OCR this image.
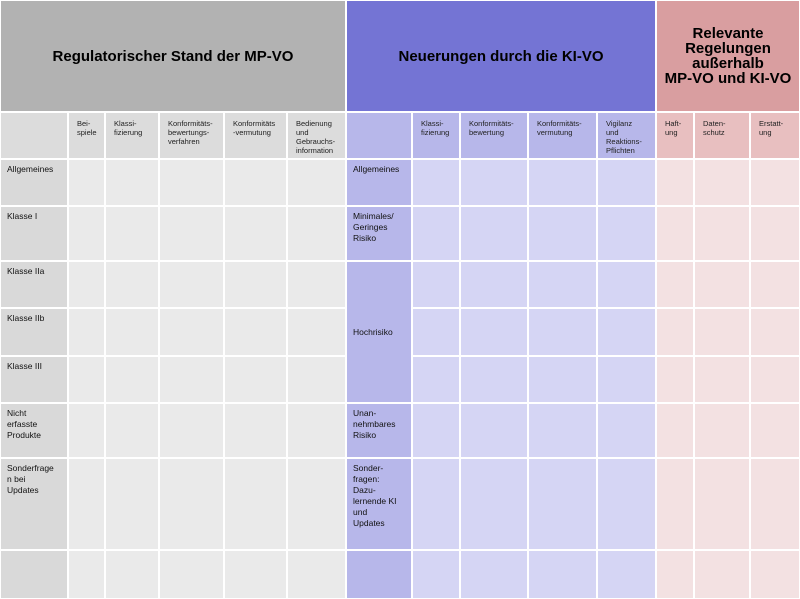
Regulatorischer Stand der MP-VO	Neuerungen durch die KI-VO
Relevante
Regelungen
außerhalb
MP-VO und KI-VO
Bei-
spiele
Klassi-
fizierung
Konformitäts-
bewertungs-
verfahren
Konformitäts
-vermutung
Bedienung
und
Gebrauchs-
information
Klassi-
fizierung
Konformitäts-
bewertung
Konformitäts-
vermutung
Vigilanz
und
Reaktions-
Pflichten
Haft-
ung
Daten-
schutz
Erstatt-
ung
Allgemeines
Klasse I
Klasse IIa
Klasse IIb
Klasse III
Nicht
erfasste
Produkte
Sonderfrage
n bei
Updates
Allgemeines
Minimales/
Geringes
Risiko
Hochrisiko
Unan-
nehmbares
Risiko
Sonder-
fragen:
Dazu-
lernende KI
und
Updates
